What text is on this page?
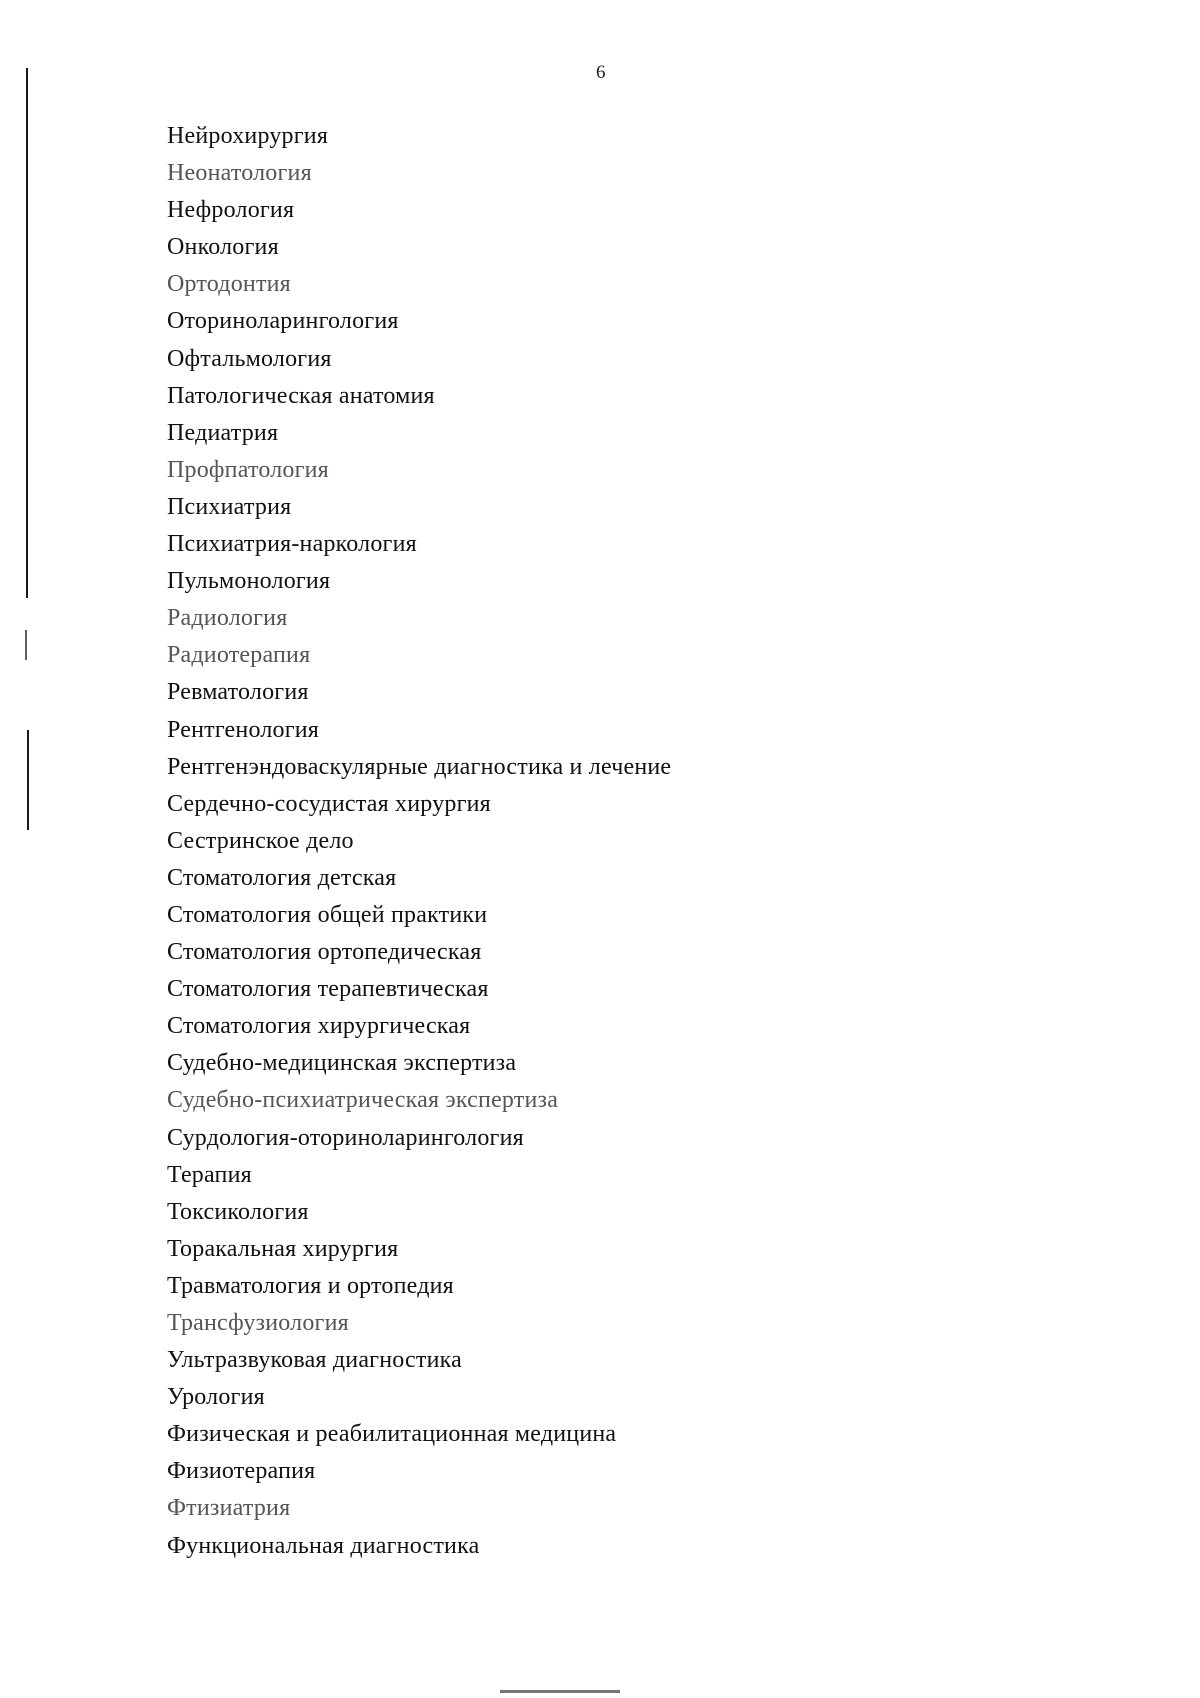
6
Нейрохирургия
Неонатология
Нефрология
Онкология
Ортодонтия
Оториноларингология
Офтальмология
Патологическая анатомия
Педиатрия
Профпатология
Психиатрия
Психиатрия-наркология
Пульмонология
Радиология
Радиотерапия
Ревматология
Рентгенология
Рентгенэндоваскулярные диагностика и лечение
Сердечно-сосудистая хирургия
Сестринское дело
Стоматология детская
Стоматология общей практики
Стоматология ортопедическая
Стоматология терапевтическая
Стоматология хирургическая
Судебно-медицинская экспертиза
Судебно-психиатрическая экспертиза
Сурдология-оториноларингология
Терапия
Токсикология
Торакальная хирургия
Травматология и ортопедия
Трансфузиология
Ультразвуковая диагностика
Урология
Физическая и реабилитационная медицина
Физиотерапия
Фтизиатрия
Функциональная диагностика
